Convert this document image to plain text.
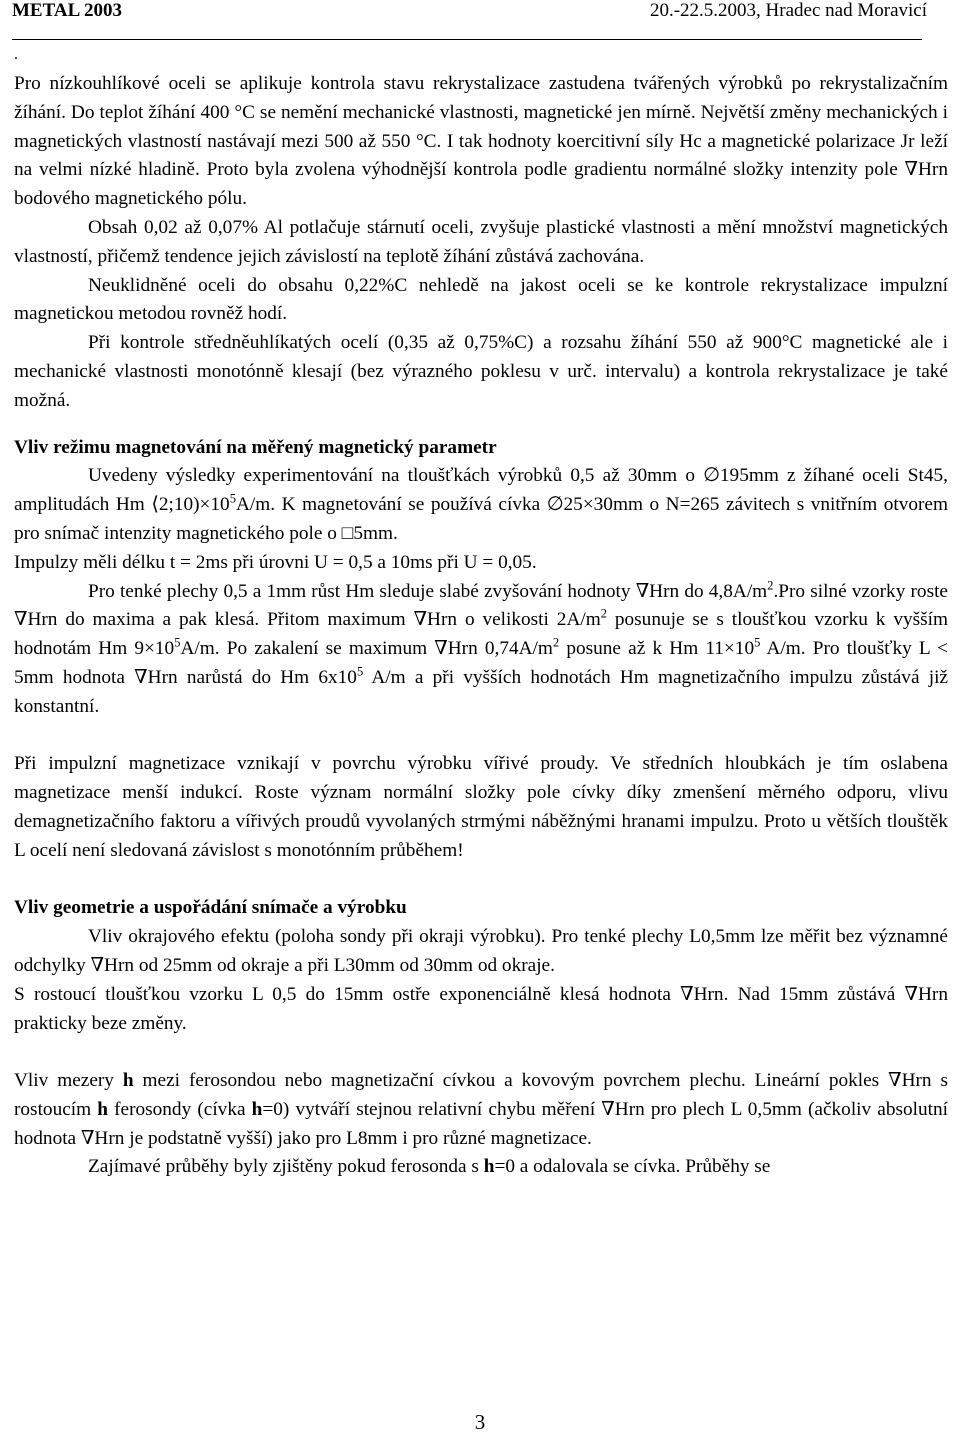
METAL 2003	20.-22.5.2003, Hradec nad Moravicí
.

Pro nízkouhlíkové oceli se aplikuje kontrola stavu rekrystalizace zastudena tvářených výrobků po rekrystalizačním žíhání. Do teplot žíhání 400 °C se nemění mechanické vlastnosti, magnetické jen mírně. Největší změny mechanických i magnetických vlastností nastávají mezi 500 až 550 °C. I tak hodnoty koercitivní síly Hc a magnetické polarizace Jr leží na velmi nízké hladině. Proto byla zvolena výhodnější kontrola podle gradientu normálné složky intenzity pole ∇Hrn bodového magnetického pólu.

Obsah 0,02 až 0,07% Al potlačuje stárnutí oceli, zvyšuje plastické vlastnosti a mění množství magnetických vlastností, přičemž tendence jejich závislostí na teplotě žíhání zůstává zachována.

Neuklidněné oceli do obsahu 0,22%C nehledě na jakost oceli se ke kontrole rekrystalizace impulzní magnetickou metodou rovněž hodí.

Při kontrole středněuhlíkatých ocelí (0,35 až 0,75%C) a rozsahu žíhání 550 až 900°C magnetické ale i mechanické vlastnosti monotónně klesají (bez výrazného poklesu v urč. intervalu) a kontrola rekrystalizace je také možná.

Vliv režimu magnetování na měřený magnetický parametr

Uvedeny výsledky experimentování na tloušťkách výrobků 0,5 až 30mm o ∅195mm z žíhané oceli St45, amplitudách Hm $⟨2;10)\times 10^5A/m$. K magnetování se používá cívka ∅25×30mm o N=265 závitech s vnitřním otvorem pro snímač intenzity magnetického pole o □5mm.

Impulzy měli délku t = 2ms při úrovni U = 0,5 a 10ms při U = 0,05.

Pro tenké plechy 0,5 a 1mm růst Hm sleduje slabé zvyšování hodnoty ∇Hrn do $4,8A/m^2.Pro$ silné vzorky roste ∇Hrn do maxima a pak klesá. Přitom maximum ∇Hrn o velikosti $2A/m^2$ posunuje se s tloušťkou vzorku k vyšším hodnotám Hm $9\times 10^5A/m$. Po zakalení se maximum ∇Hrn $0,74A/m^2$ posune až k Hm $11\times 10^5$ A/m. Pro tloušťky L < 5mm hodnota ∇Hrn narůstá do Hm $6x10^5$ A/m a při vyšších hodnotách Hm magnetizačního impulzu zůstává již konstantní.

Při impulzní magnetizace vznikají v povrchu výrobku vířivé proudy. Ve středních hloubkách je tím oslabena magnetizace menší indukcí. Roste význam normální složky pole cívky díky zmenšení měrného odporu, vlivu demagnetizačního faktoru a vířivých proudů vyvolaných strmými náběžnými hranami impulzu. Proto u větších tlouštěk L ocelí není sledovaná závislost s monotónním průběhem!

Vliv geometrie a uspořádání snímače a výrobku

Vliv okrajového efektu (poloha sondy při okraji výrobku). Pro tenké plechy L0,5mm lze měřit bez významné odchylky ∇Hrn od 25mm od okraje a při L30mm od 30mm od okraje.

S rostoucí tloušťkou vzorku L 0,5 do 15mm ostře exponenciálně klesá hodnota ∇Hrn. Nad 15mm zůstává ∇Hrn prakticky beze změny.

Vliv mezery h mezi ferosondou nebo magnetizační cívkou a kovovým povrchem plechu. Lineární pokles ∇Hrn s rostoucím h ferosondy (cívka h=0) vytváří stejnou relativní chybu měření ∇Hrn pro plech L 0,5mm (ačkoliv absolutní hodnota ∇Hrn je podstatně vyšší) jako pro L8mm i pro různé magnetizace.

Zajímavé průběhy byly zjištěny pokud ferosonda s h=0 a odalovala se cívka. Průběhy se

3
